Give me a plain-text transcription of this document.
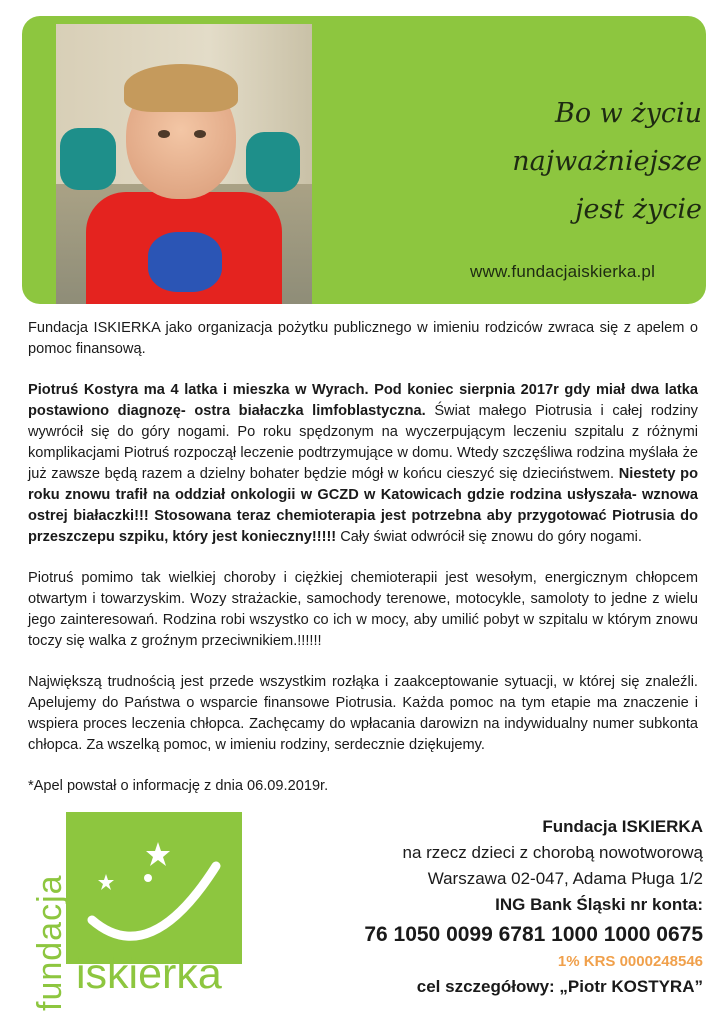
Bo w życiu
najważniejsze
jest życie
www.fundacjaiskierka.pl

Fundacja ISKIERKA jako organizacja pożytku publicznego w imieniu rodziców zwraca się z apelem o pomoc finansową.

Piotruś Kostyra ma 4 latka i mieszka w Wyrach. Pod koniec sierpnia 2017r gdy miał dwa latka postawiono diagnozę- ostra białaczka limfoblastyczna. Świat małego Piotrusia i całej rodziny wywrócił się do góry nogami. Po roku spędzonym na wyczerpującym leczeniu szpitalu z różnymi komplikacjami Piotruś rozpoczął leczenie podtrzymujące w domu. Wtedy szczęśliwa rodzina myślała że już zawsze będą razem a dzielny bohater będzie mógł w końcu cieszyć się dzieciństwem. Niestety po roku znowu trafił na oddział onkologii w GCZD w Katowicach gdzie rodzina usłyszała- wznowa ostrej białaczki!!! Stosowana teraz chemioterapia jest potrzebna aby przygotować Piotrusia do przeszczepu szpiku, który jest konieczny!!!!! Cały świat odwrócił się znowu do góry nogami.

Piotruś pomimo tak wielkiej choroby i ciężkiej chemioterapii jest wesołym, energicznym chłopcem otwartym i towarzyskim. Wozy strażackie, samochody terenowe, motocykle, samoloty to jedne z wielu jego zainteresowań. Rodzina robi wszystko co ich w mocy, aby umilić pobyt w szpitalu w którym znowu toczy się walka z groźnym przeciwnikiem.!!!!!!

Największą trudnością jest przede wszystkim rozłąka i zaakceptowanie sytuacji, w której się znaleźli. Apelujemy do Państwa o wsparcie finansowe Piotrusia. Każda pomoc na tym etapie ma znaczenie i wspiera proces leczenia chłopca. Zachęcamy do wpłacania darowizn na indywidualny numer subkonta chłopca. Za wszelką pomoc, w imieniu rodziny, serdecznie dziękujemy.

*Apel powstał o informację z dnia 06.09.2019r.

fundacja iskierka
Fundacja ISKIERKA
na rzecz dzieci z chorobą nowotworową
Warszawa 02-047, Adama Pługa 1/2
ING Bank Śląski nr konta:
76 1050 0099 6781 1000 1000 0675
1% KRS 0000248546
cel szczegółowy: „Piotr KOSTYRA”
